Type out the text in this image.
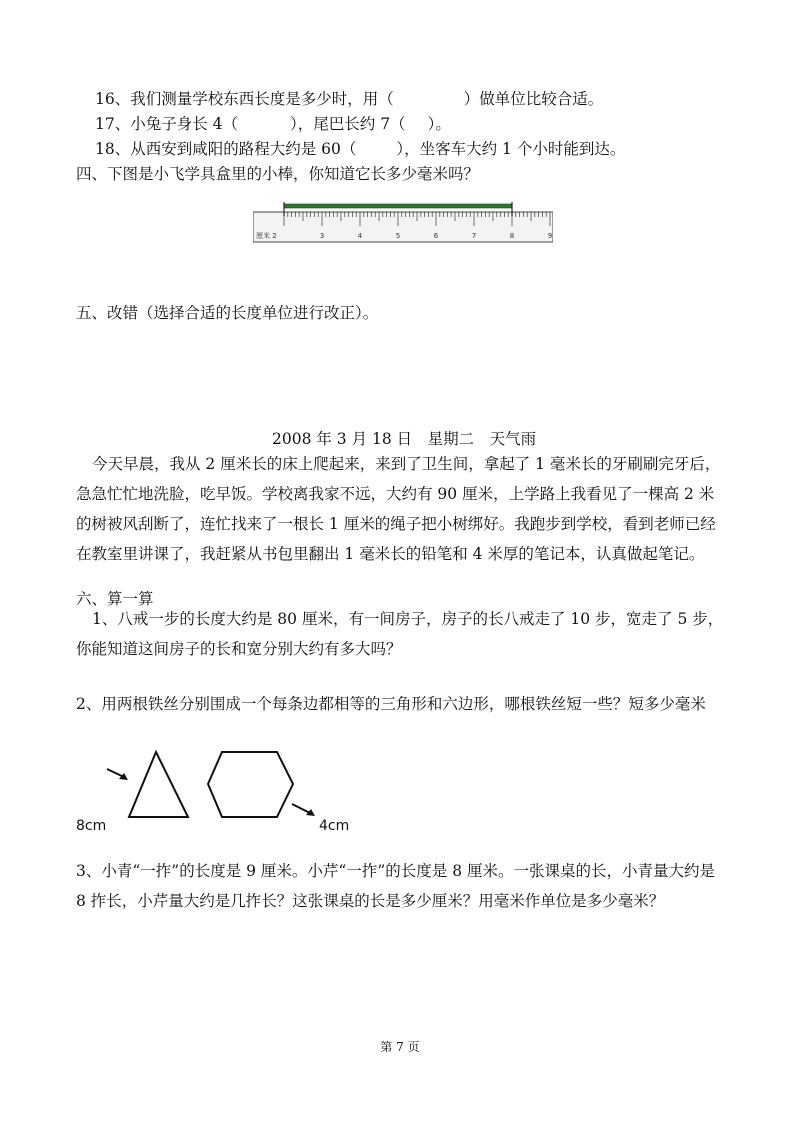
16、我们测量学校东西长度是多少时，用（	）做单位比较合适。
17、小兔子身长 4（	），尾巴长约 7（ ）。
18、从西安到咸阳的路程大约是 60（	），坐客车大约 1 个小时能到达。
四、下图是小飞学具盒里的小棒，你知道它长多少毫米吗？
厘米 2	3	4	5	6	7	8	9
五、改错（选择合适的长度单位进行改正）。
2008 年 3 月 18 日　星期二　天气雨
今天早晨，我从 2 厘米长的床上爬起来，来到了卫生间，拿起了 1 毫米长的牙刷刷完牙后，急急忙忙地洗脸，吃早饭。学校离我家不远，大约有 90 厘米，上学路上我看见了一棵高 2 米的树被风刮断了，连忙找来了一根长 1 厘米的绳子把小树绑好。我跑步到学校，看到老师已经在教室里讲课了，我赶紧从书包里翻出 1 毫米长的铅笔和 4 米厚的笔记本，认真做起笔记。
六、算一算
1、八戒一步的长度大约是 80 厘米，有一间房子，房子的长八戒走了 10 步，宽走了 5 步，你能知道这间房子的长和宽分别大约有多大吗？
2、用两根铁丝分别围成一个每条边都相等的三角形和六边形，哪根铁丝短一些？短多少毫米
8cm	4cm
3、小青“一拃”的长度是 9 厘米。小芹“一拃”的长度是 8 厘米。一张课桌的长，小青量大约是 8 拃长，小芹量大约是几拃长？这张课桌的长是多少厘米？用毫米作单位是多少毫米？
第 7 页
